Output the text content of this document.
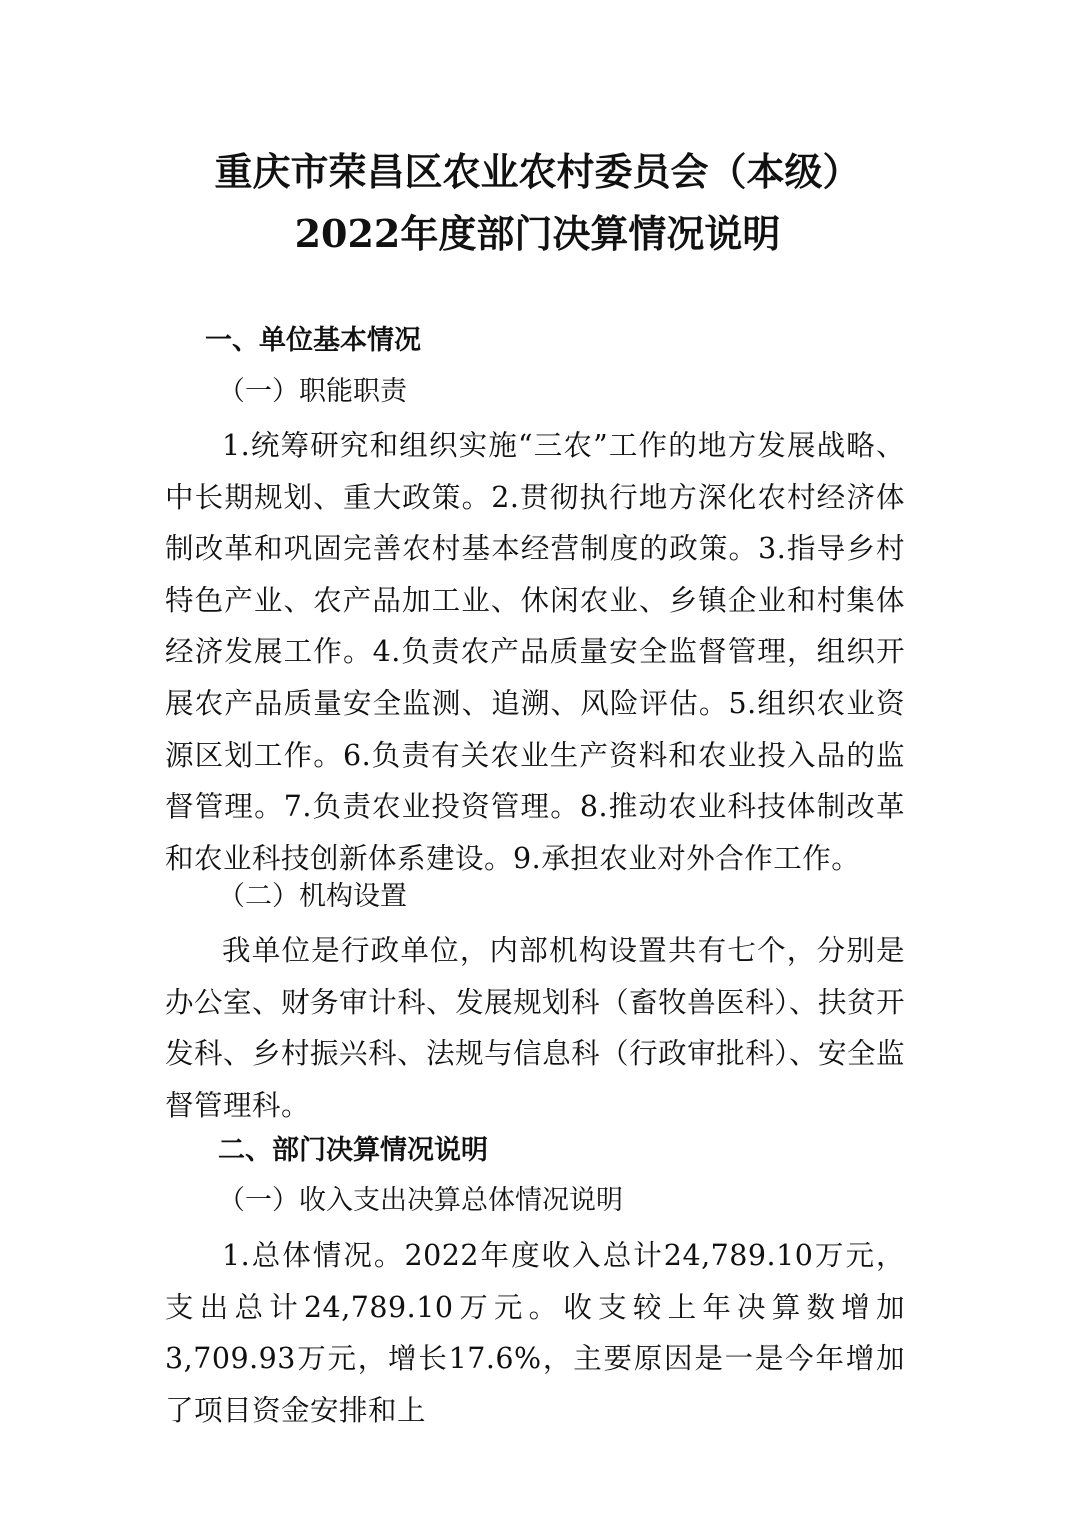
重庆市荣昌区农业农村委员会（本级）
2022年度部门决算情况说明
一、单位基本情况
（一）职能职责
1.统筹研究和组织实施“三农”工作的地方发展战略、中长期规划、重大政策。2.贯彻执行地方深化农村经济体制改革和巩固完善农村基本经营制度的政策。3.指导乡村特色产业、农产品加工业、休闲农业、乡镇企业和村集体经济发展工作。4.负责农产品质量安全监督管理，组织开展农产品质量安全监测、追溯、风险评估。5.组织农业资源区划工作。6.负责有关农业生产资料和农业投入品的监督管理。7.负责农业投资管理。8.推动农业科技体制改革和农业科技创新体系建设。9.承担农业对外合作工作。
（二）机构设置
我单位是行政单位，内部机构设置共有七个，分别是办公室、财务审计科、发展规划科（畜牧兽医科）、扶贫开发科、乡村振兴科、法规与信息科（行政审批科）、安全监督管理科。
二、部门决算情况说明
（一）收入支出决算总体情况说明
1.总体情况。2022年度收入总计24,789.10万元，支出总计24,789.10万元。收支较上年决算数增加3,709.93万元，增长17.6%，主要原因是一是今年增加了项目资金安排和上
